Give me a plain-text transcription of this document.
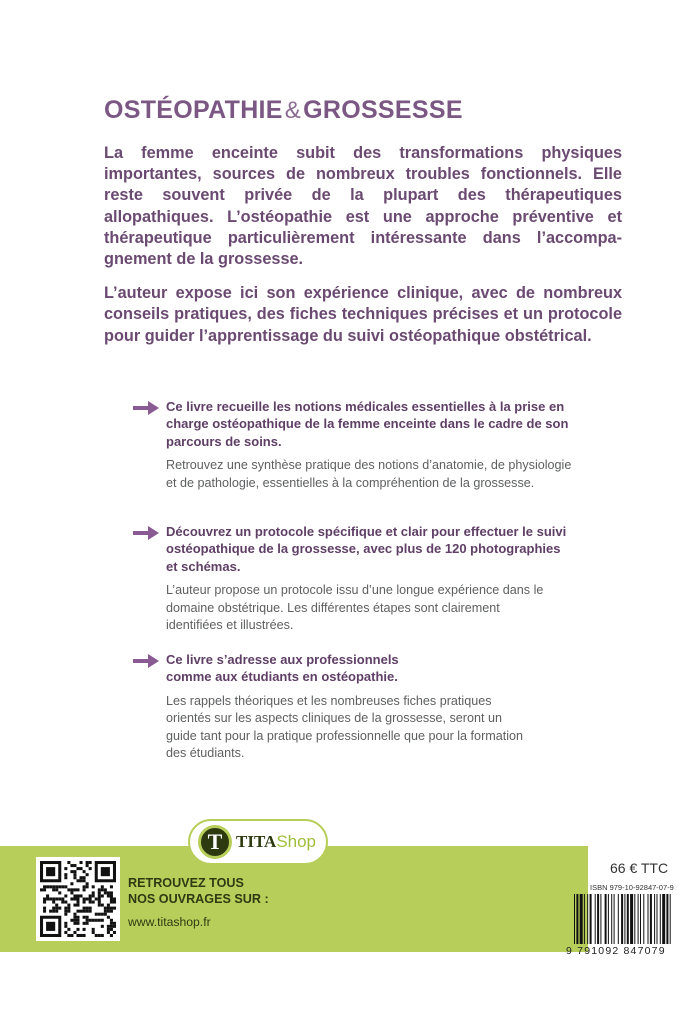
OSTÉOPATHIE&GROSSESSE

La femme enceinte subit des transformations physiques importantes, sources de nombreux troubles fonctionnels. Elle reste souvent privée de la plupart des thérapeutiques allopathiques. L’ostéopathie est une approche préventive et thérapeutique particulièrement intéressante dans l’accompa-gnement de la grossesse.

L’auteur expose ici son expérience clinique, avec de nombreux conseils pratiques, des fiches techniques précises et un protocole pour guider l’apprentissage du suivi ostéopathique obstétrical.

Ce livre recueille les notions médicales essentielles à la prise en charge ostéopathique de la femme enceinte dans le cadre de son parcours de soins.

Retrouvez une synthèse pratique des notions d’anatomie, de physiologie et de pathologie, essentielles à la compréhention de la grossesse.

Découvrez un protocole spécifique et clair pour effectuer le suivi ostéopathique de la grossesse, avec plus de 120 photographies et schémas.

L’auteur propose un protocole issu d’une longue expérience dans le domaine obstétrique. Les différentes étapes sont clairement identifiées et illustrées.

Ce livre s’adresse aux professionnels comme aux étudiants en ostéopathie.

Les rappels théoriques et les nombreuses fiches pratiques orientés sur les aspects cliniques de la grossesse, seront un guide tant pour la pratique professionnelle que pour la formation des étudiants.

RETROUVEZ TOUS
NOS OUVRAGES SUR :

www.titashop.fr

T TITAShop

66 € TTC

ISBN 979-10-92847-07-9

9 791092 847079
